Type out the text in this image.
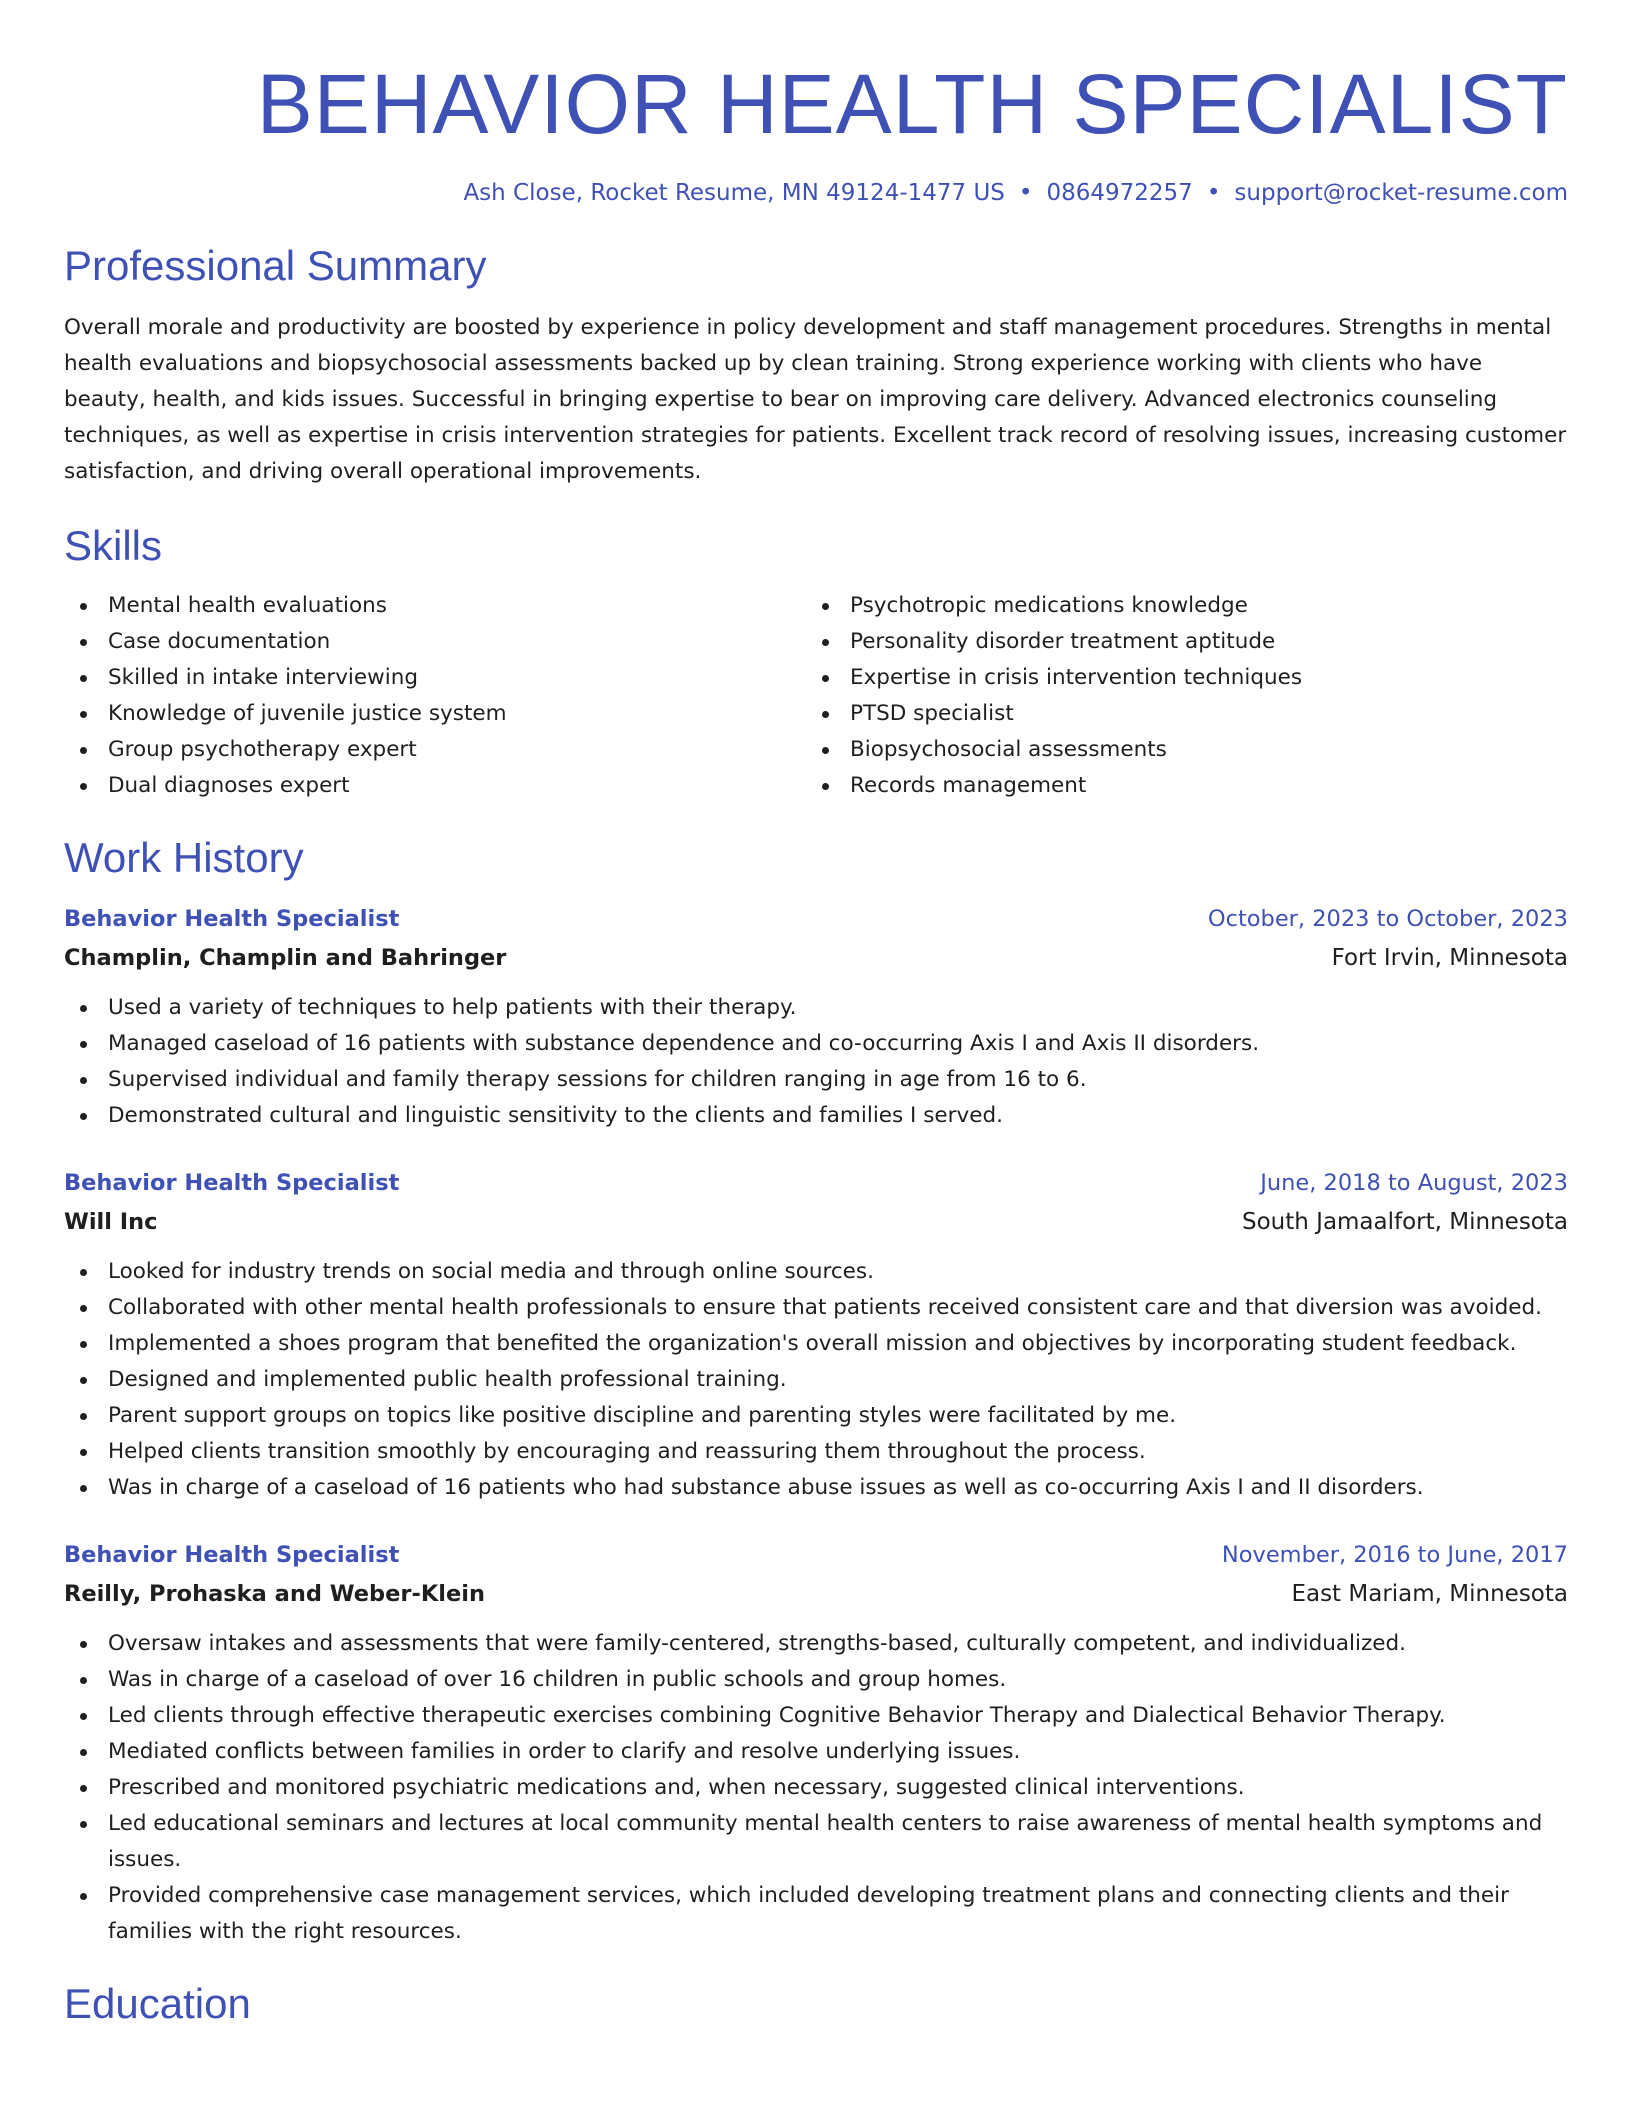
BEHAVIOR HEALTH SPECIALIST
Ash Close, Rocket Resume, MN 49124-1477 US • 0864972257 • support@rocket-resume.com
Professional Summary

Overall morale and productivity are boosted by experience in policy development and staff management procedures. Strengths in mental health evaluations and biopsychosocial assessments backed up by clean training. Strong experience working with clients who have beauty, health, and kids issues. Successful in bringing expertise to bear on improving care delivery. Advanced electronics counseling techniques, as well as expertise in crisis intervention strategies for patients. Excellent track record of resolving issues, increasing customer satisfaction, and driving overall operational improvements.

Skills
Mental health evaluations
Case documentation
Skilled in intake interviewing
Knowledge of juvenile justice system
Group psychotherapy expert
Dual diagnoses expert
Psychotropic medications knowledge
Personality disorder treatment aptitude
Expertise in crisis intervention techniques
PTSD specialist
Biopsychosocial assessments
Records management
Work History
Behavior Health Specialist	October, 2023 to October, 2023
Champlin, Champlin and Bahringer	Fort Irvin, Minnesota
Used a variety of techniques to help patients with their therapy.
Managed caseload of 16 patients with substance dependence and co-occurring Axis I and Axis II disorders.
Supervised individual and family therapy sessions for children ranging in age from 16 to 6.
Demonstrated cultural and linguistic sensitivity to the clients and families I served.
Behavior Health Specialist	June, 2018 to August, 2023
Will Inc	South Jamaalfort, Minnesota
Looked for industry trends on social media and through online sources.
Collaborated with other mental health professionals to ensure that patients received consistent care and that diversion was avoided.
Implemented a shoes program that benefited the organization's overall mission and objectives by incorporating student feedback.
Designed and implemented public health professional training.
Parent support groups on topics like positive discipline and parenting styles were facilitated by me.
Helped clients transition smoothly by encouraging and reassuring them throughout the process.
Was in charge of a caseload of 16 patients who had substance abuse issues as well as co-occurring Axis I and II disorders.
Behavior Health Specialist	November, 2016 to June, 2017
Reilly, Prohaska and Weber-Klein	East Mariam, Minnesota
Oversaw intakes and assessments that were family-centered, strengths-based, culturally competent, and individualized.
Was in charge of a caseload of over 16 children in public schools and group homes.
Led clients through effective therapeutic exercises combining Cognitive Behavior Therapy and Dialectical Behavior Therapy.
Mediated conflicts between families in order to clarify and resolve underlying issues.
Prescribed and monitored psychiatric medications and, when necessary, suggested clinical interventions.
Led educational seminars and lectures at local community mental health centers to raise awareness of mental health symptoms and issues.
Provided comprehensive case management services, which included developing treatment plans and connecting clients and their families with the right resources.
Education
